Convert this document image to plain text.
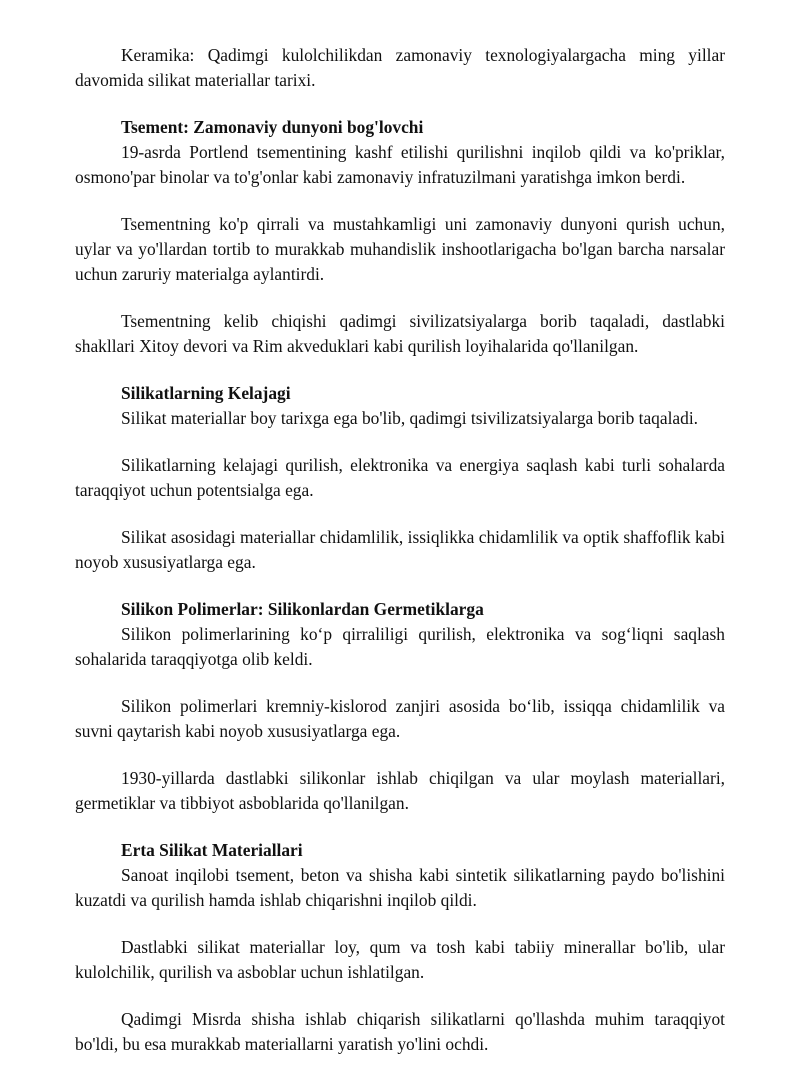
Keramika: Qadimgi kulolchilikdan zamonaviy texnologiyalargacha ming yillar davomida silikat materiallar tarixi.

Tsement: Zamonaviy dunyoni bog'lovchi

19-asrda Portlend tsementining kashf etilishi qurilishni inqilob qildi va ko'priklar, osmono'par binolar va to'g'onlar kabi zamonaviy infratuzilmani yaratishga imkon berdi.

Tsementning ko'p qirrali va mustahkamligi uni zamonaviy dunyoni qurish uchun, uylar va yo'llardan tortib to murakkab muhandislik inshootlarigacha bo'lgan barcha narsalar uchun zaruriy materialga aylantirdi.

Tsementning kelib chiqishi qadimgi sivilizatsiyalarga borib taqaladi, dastlabki shakllari Xitoy devori va Rim akveduklari kabi qurilish loyihalarida qo'llanilgan.

Silikatlarning Kelajagi

Silikat materiallar boy tarixga ega bo'lib, qadimgi tsivilizatsiyalarga borib taqaladi.

Silikatlarning kelajagi qurilish, elektronika va energiya saqlash kabi turli sohalarda taraqqiyot uchun potentsialga ega.

Silikat asosidagi materiallar chidamlilik, issiqlikka chidamlilik va optik shaffoflik kabi noyob xususiyatlarga ega.

Silikon Polimerlar: Silikonlardan Germetiklarga

Silikon polimerlarining ko‘p qirraliligi qurilish, elektronika va sog‘liqni saqlash sohalarida taraqqiyotga olib keldi.

Silikon polimerlari kremniy-kislorod zanjiri asosida bo‘lib, issiqqa chidamlilik va suvni qaytarish kabi noyob xususiyatlarga ega.

1930-yillarda dastlabki silikonlar ishlab chiqilgan va ular moylash materiallari, germetiklar va tibbiyot asboblarida qo'llanilgan.

Erta Silikat Materiallari

Sanoat inqilobi tsement, beton va shisha kabi sintetik silikatlarning paydo bo'lishini kuzatdi va qurilish hamda ishlab chiqarishni inqilob qildi.

Dastlabki silikat materiallar loy, qum va tosh kabi tabiiy minerallar bo'lib, ular kulolchilik, qurilish va asboblar uchun ishlatilgan.

Qadimgi Misrda shisha ishlab chiqarish silikatlarni qo'llashda muhim taraqqiyot bo'ldi, bu esa murakkab materiallarni yaratish yo'lini ochdi.
